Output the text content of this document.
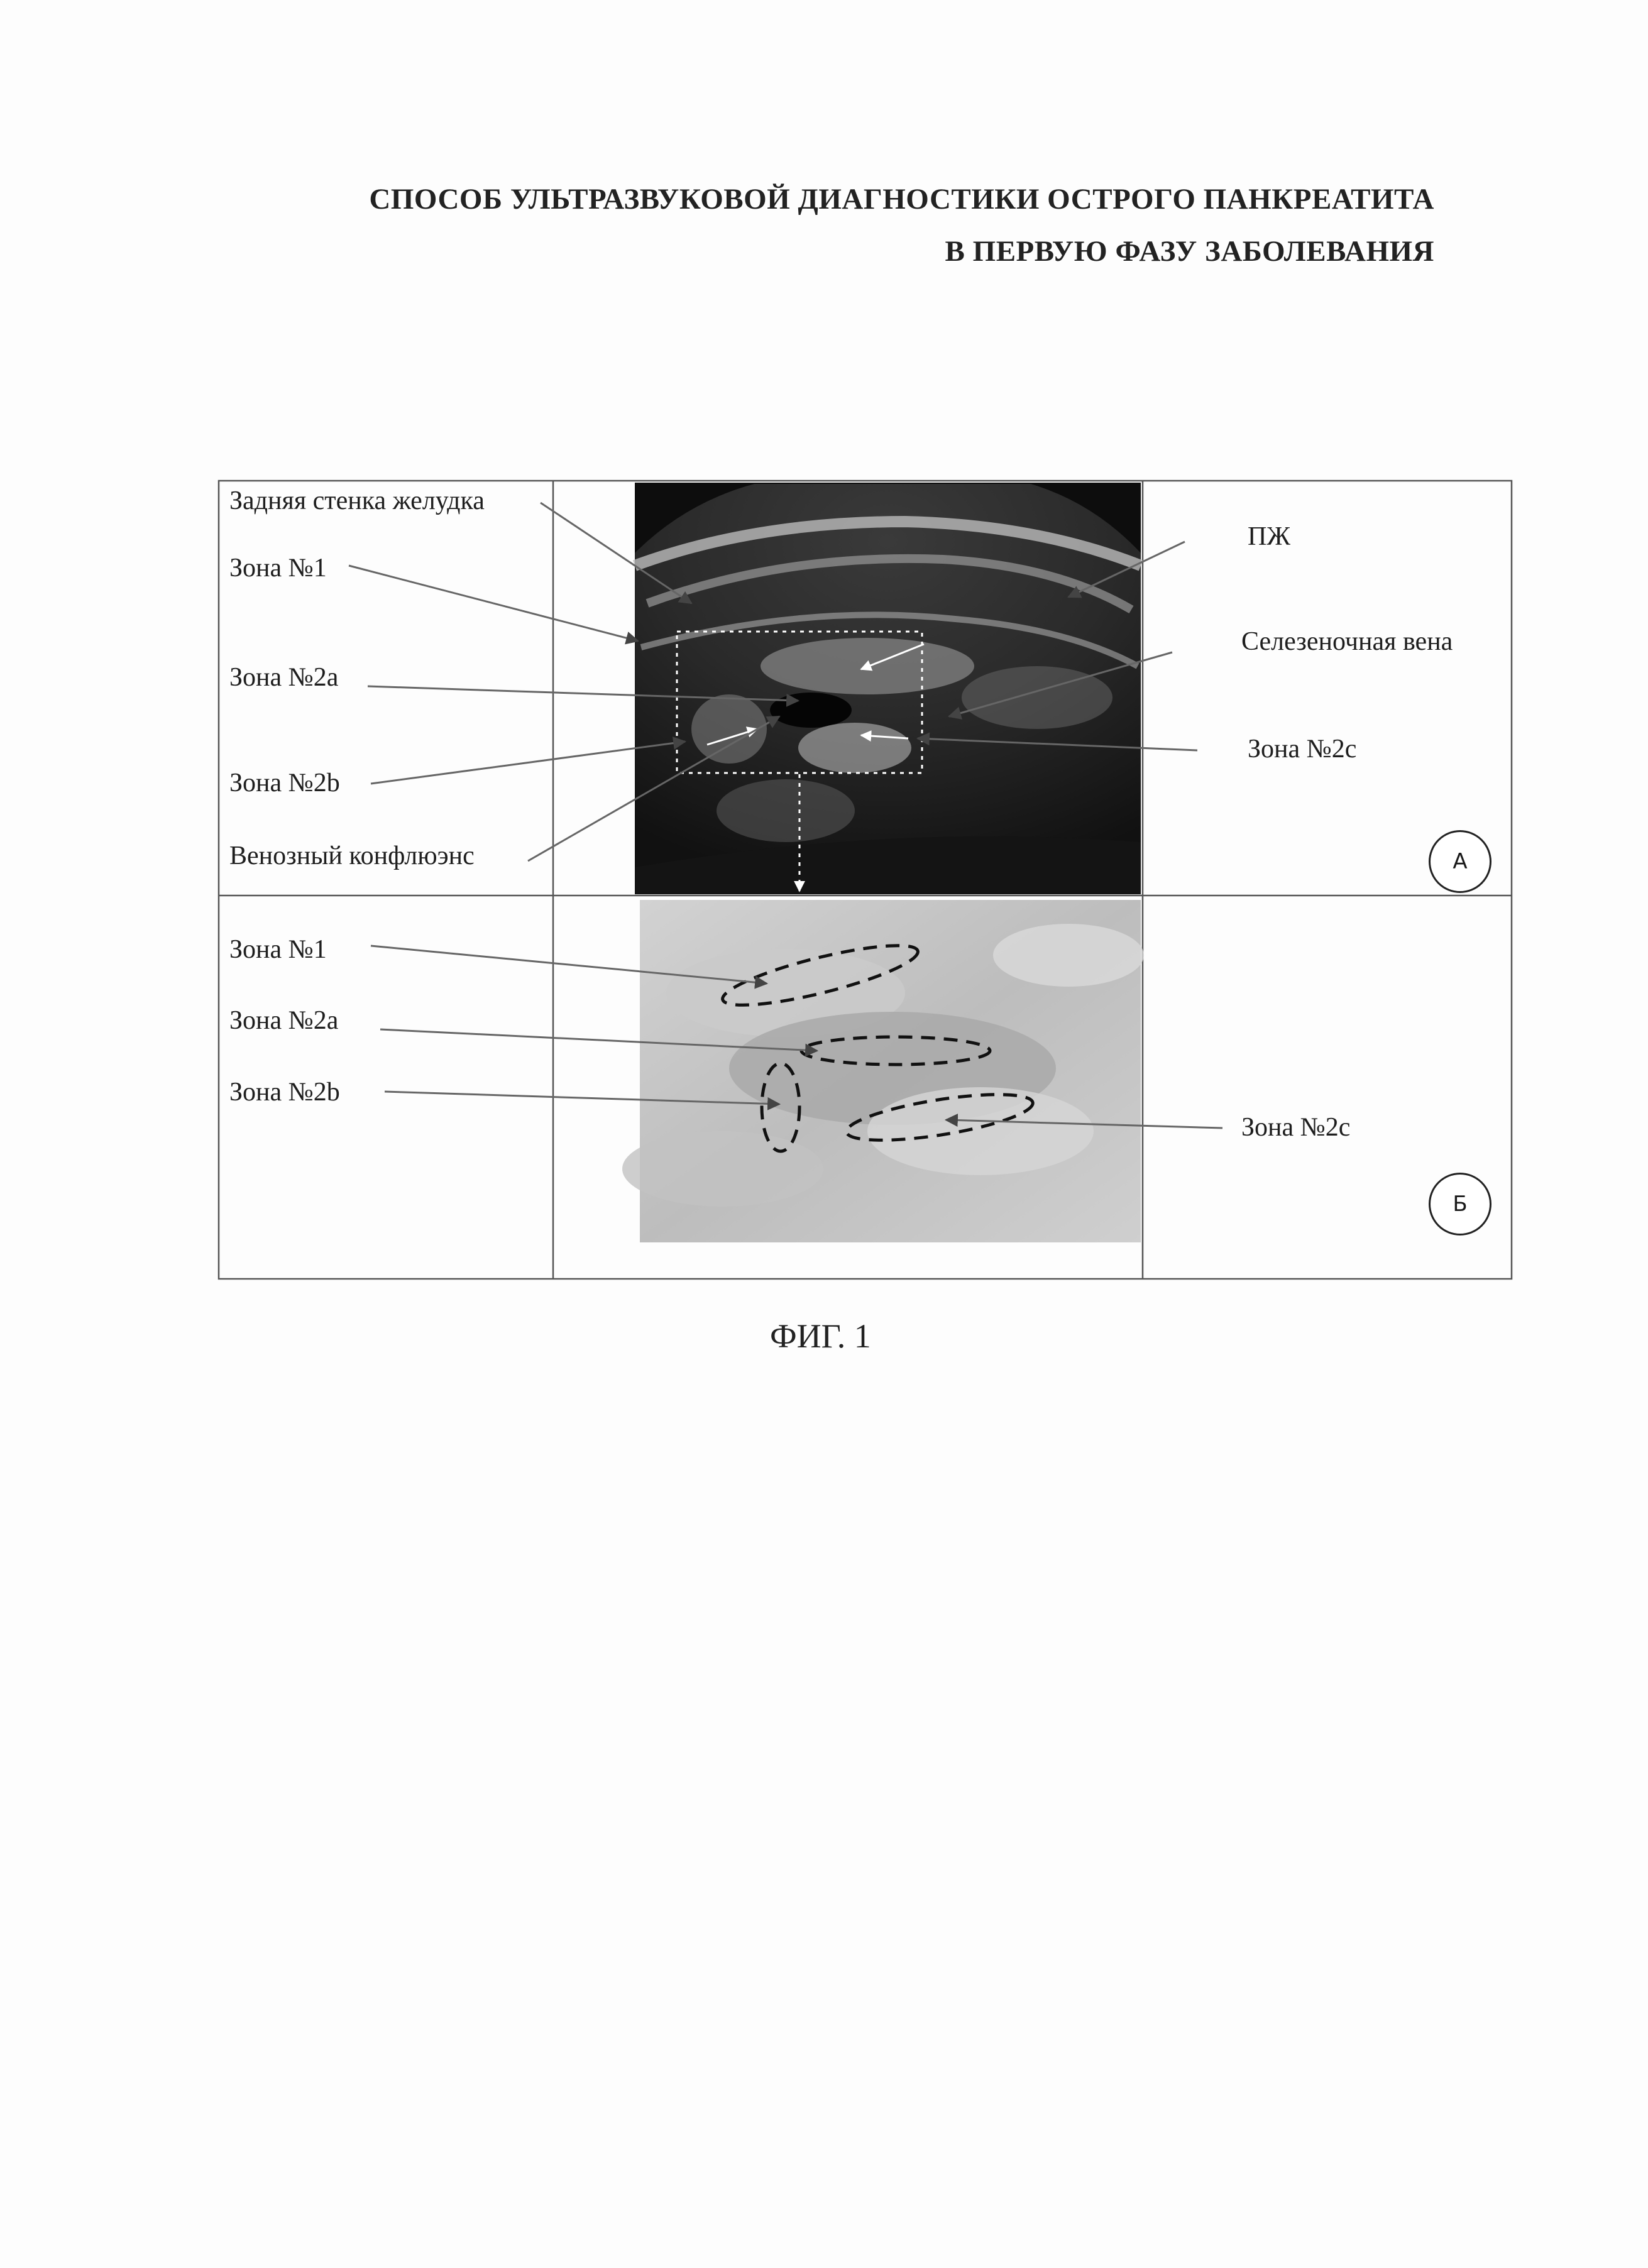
СПОСОБ УЛЬТРАЗВУКОВОЙ ДИАГНОСТИКИ ОСТРОГО ПАНКРЕАТИТА
В ПЕРВУЮ ФАЗУ ЗАБОЛЕВАНИЯ
Задняя стенка желудка
Зона №1
Зона №2a
Зона №2b
Венозный конфлюэнс
ПЖ
Селезеночная вена
Зона №2c
А
Зона №1
Зона №2a
Зона №2b
Зона №2c
Б
ФИГ. 1
